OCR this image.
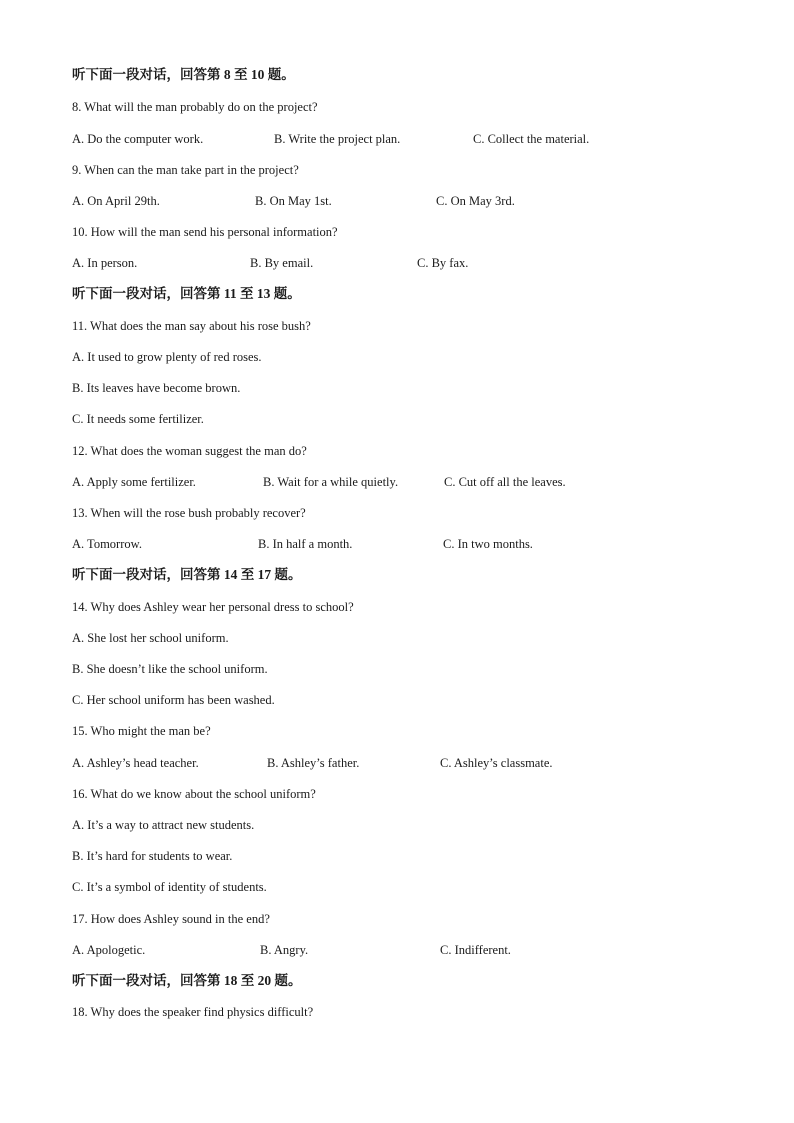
听下面一段对话，回答第 8 至 10 题。
8. What will the man probably do on the project?
A. Do the computer work.	B. Write the project plan.	C. Collect the material.
9. When can the man take part in the project?
A. On April 29th.	B. On May 1st.	C. On May 3rd.
10. How will the man send his personal information?
A. In person.	B. By email.	C. By fax.
听下面一段对话，回答第 11 至 13 题。
11. What does the man say about his rose bush?
A. It used to grow plenty of red roses.
B. Its leaves have become brown.
C. It needs some fertilizer.
12. What does the woman suggest the man do?
A. Apply some fertilizer.	B. Wait for a while quietly.	C. Cut off all the leaves.
13. When will the rose bush probably recover?
A. Tomorrow.	B. In half a month.	C. In two months.
听下面一段对话，回答第 14 至 17 题。
14. Why does Ashley wear her personal dress to school?
A. She lost her school uniform.
B. She doesn’t like the school uniform.
C. Her school uniform has been washed.
15. Who might the man be?
A. Ashley’s head teacher.	B. Ashley’s father.	C. Ashley’s classmate.
16. What do we know about the school uniform?
A. It’s a way to attract new students.
B. It’s hard for students to wear.
C. It’s a symbol of identity of students.
17. How does Ashley sound in the end?
A. Apologetic.	B. Angry.	C. Indifferent.
听下面一段对话，回答第 18 至 20 题。
18. Why does the speaker find physics difficult?
